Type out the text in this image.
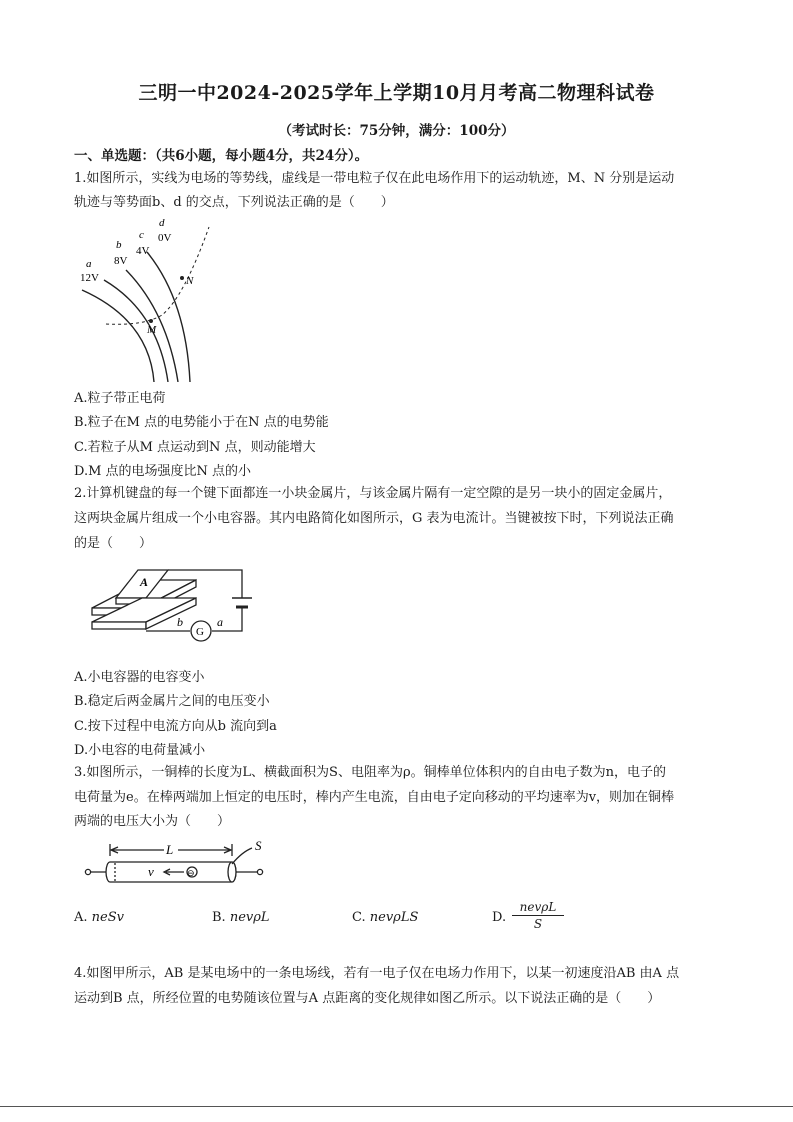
三明一中2024-2025学年上学期10月月考高二物理科试卷
（考试时长：75分钟，满分：100分）
一、单选题：（共6小题，每小题4分，共24分）。
1.如图所示，实线为电场的等势线，虚线是一带电粒子仅在此电场作用下的运动轨迹，M、N 分别是运动
轨迹与等势面b、d 的交点，下列说法正确的是（　　）
a
12V
b
8V
c
4V
d
0V
N
M
A.粒子带正电荷
B.粒子在M 点的电势能小于在N 点的电势能
C.若粒子从M 点运动到N 点，则动能增大
D.M 点的电场强度比N 点的小
2.计算机键盘的每一个键下面都连一小块金属片，与该金属片隔有一定空隙的是另一块小的固定金属片，
这两块金属片组成一个小电容器。其内电路简化如图所示，G 表为电流计。当键被按下时，下列说法正确
的是（　　）
A
b
G
a
A.小电容器的电容变小
B.稳定后两金属片之间的电压变小
C.按下过程中电流方向从b 流向到a
D.小电容的电荷量减小
3.如图所示，一铜棒的长度为L、横截面积为S、电阻率为ρ。铜棒单位体积内的自由电子数为n，电子的
电荷量为e。在棒两端加上恒定的电压时，棒内产生电流，自由电子定向移动的平均速率为v，则加在铜棒
两端的电压大小为（　　）
L	S
v	⊖
A. neSv	B. nevρL	C. nevρLS	D.
nevρL
S
4.如图甲所示，AB 是某电场中的一条电场线，若有一电子仅在电场力作用下，以某一初速度沿AB 由A 点
运动到B 点，所经位置的电势随该位置与A 点距离的变化规律如图乙所示。以下说法正确的是（　　）
